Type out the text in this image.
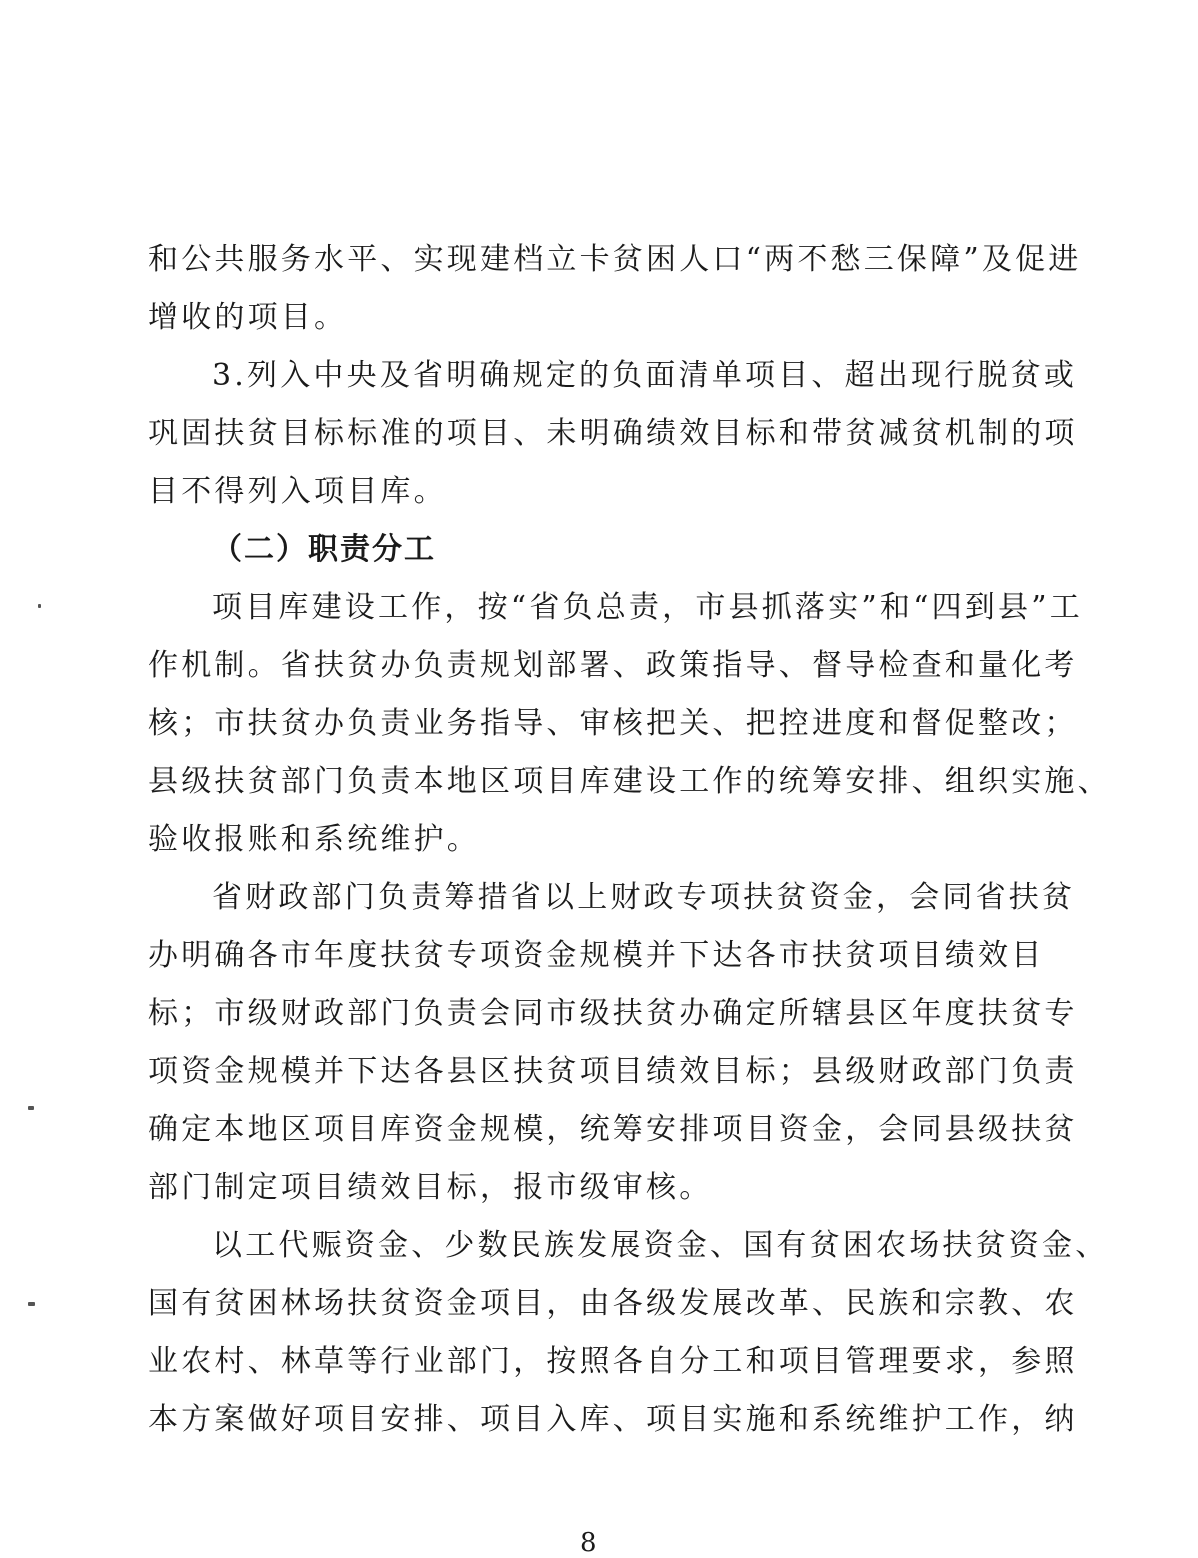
和公共服务水平、实现建档立卡贫困人口“两不愁三保障”及促进
增收的项目。
3.列入中央及省明确规定的负面清单项目、超出现行脱贫或
巩固扶贫目标标准的项目、未明确绩效目标和带贫减贫机制的项
目不得列入项目库。
（二）职责分工
项目库建设工作，按“省负总责，市县抓落实”和“四到县”工
作机制。省扶贫办负责规划部署、政策指导、督导检查和量化考
核；市扶贫办负责业务指导、审核把关、把控进度和督促整改；
县级扶贫部门负责本地区项目库建设工作的统筹安排、组织实施、
验收报账和系统维护。
省财政部门负责筹措省以上财政专项扶贫资金，会同省扶贫
办明确各市年度扶贫专项资金规模并下达各市扶贫项目绩效目
标；市级财政部门负责会同市级扶贫办确定所辖县区年度扶贫专
项资金规模并下达各县区扶贫项目绩效目标；县级财政部门负责
确定本地区项目库资金规模，统筹安排项目资金，会同县级扶贫
部门制定项目绩效目标，报市级审核。
以工代赈资金、少数民族发展资金、国有贫困农场扶贫资金、
国有贫困林场扶贫资金项目，由各级发展改革、民族和宗教、农
业农村、林草等行业部门，按照各自分工和项目管理要求，参照
本方案做好项目安排、项目入库、项目实施和系统维护工作，纳
8
